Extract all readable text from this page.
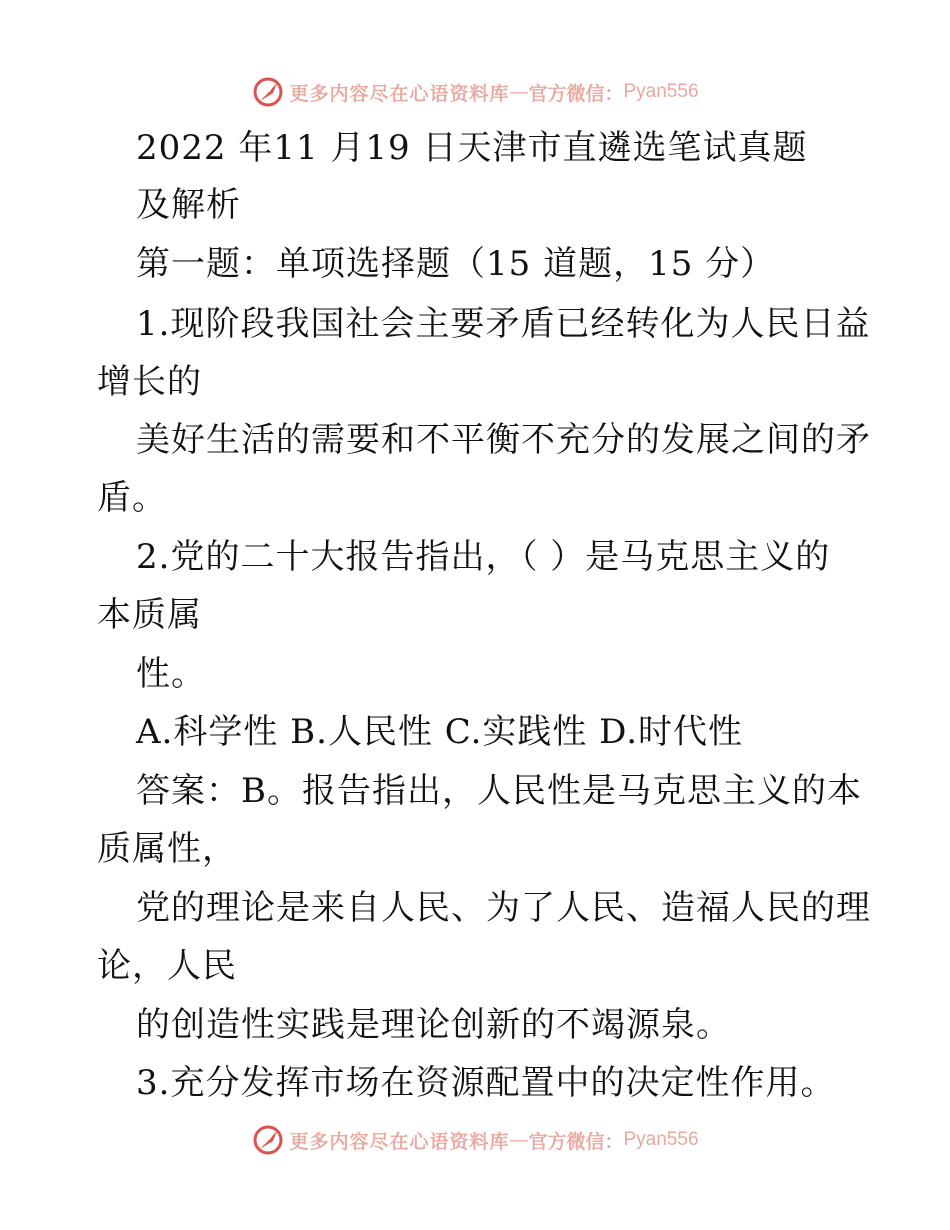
更多内容尽在心语资料库 — 官方微信： Pyan556
2022 年11 月19 日天津市直遴选笔试真题
及解析
第一题：单项选择题（15 道题，15 分）
1.现阶段我国社会主要矛盾已经转化为人民日益
增长的
美好生活的需要和不平衡不充分的发展之间的矛
盾。
2.党的二十大报告指出，（ ）是马克思主义的
本质属
性。
A.科学性 B.人民性 C.实践性 D.时代性
答案：B。报告指出，人民性是马克思主义的本
质属性，
党的理论是来自人民、为了人民、造福人民的理
论，人民
的创造性实践是理论创新的不竭源泉。
3.充分发挥市场在资源配置中的决定性作用。
更多内容尽在心语资料库 — 官方微信： Pyan556
